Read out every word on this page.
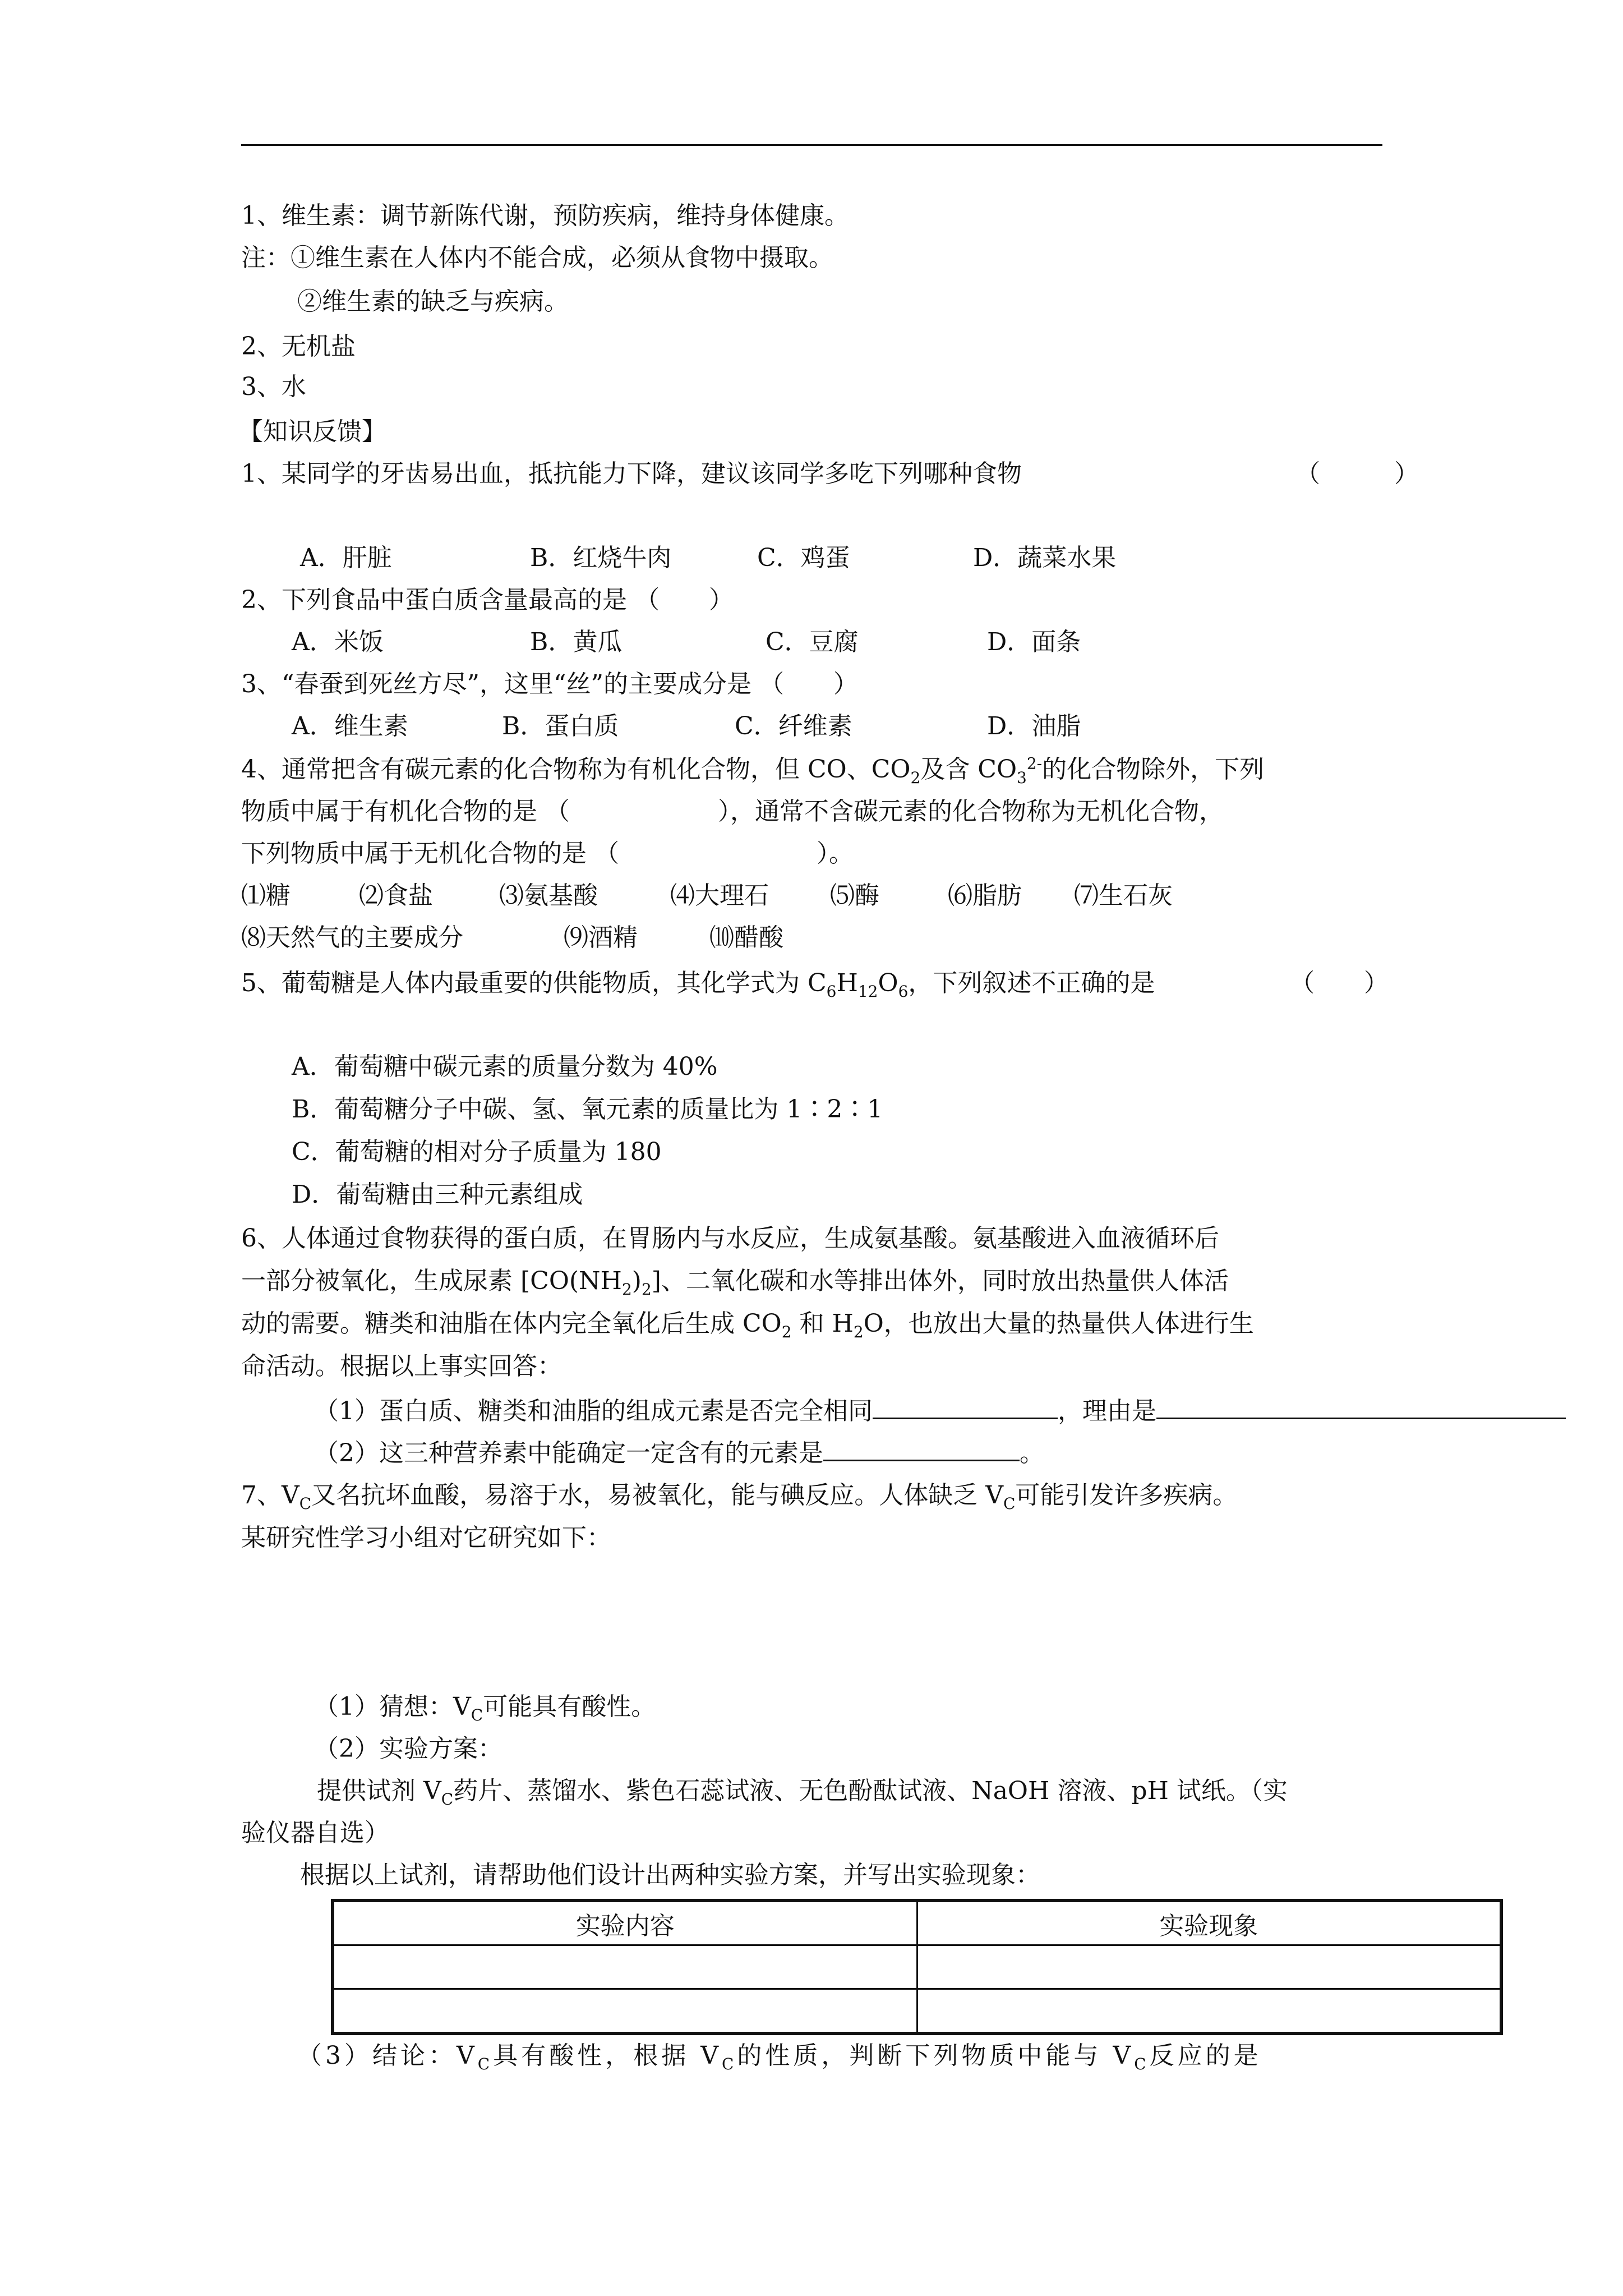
1、维生素：调节新陈代谢，预防疾病，维持身体健康。
注：①维生素在人体内不能合成，必须从食物中摄取。
②维生素的缺乏与疾病。
2、无机盐
3、水
【知识反馈】
1、某同学的牙齿易出血，抵抗能力下降，建议该同学多吃下列哪种食物	（　　　）
A．肝脏	B．红烧牛肉	C．鸡蛋	D．蔬菜水果
2、下列食品中蛋白质含量最高的是 （　　）
A．米饭	B．黄瓜	C．豆腐	D．面条
3、“春蚕到死丝方尽”，这里“丝”的主要成分是 （　　）
A．维生素	B．蛋白质	C．纤维素	D．油脂
4、通常把含有碳元素的化合物称为有机化合物，但 CO、$CO_2$及含 $CO_3^{2-}$的化合物除外，下列
物质中属于有机化合物的是 （　　　　　　），通常不含碳元素的化合物称为无机化合物，
下列物质中属于无机化合物的是 （　　　　　　　　）。
⑴糖	⑵食盐	⑶氨基酸	⑷大理石 ⑸酶	⑹脂肪 ⑺生石灰
⑻天然气的主要成分	⑼酒精	⑽醋酸
5、葡萄糖是人体内最重要的供能物质，其化学式为 $C_6H_{12}O_6$，下列叙述不正确的是	（　　）
A．葡萄糖中碳元素的质量分数为 40%
B．葡萄糖分子中碳、氢、氧元素的质量比为 1∶2∶1
C．葡萄糖的相对分子质量为 180
D．葡萄糖由三种元素组成
6、人体通过食物获得的蛋白质，在胃肠内与水反应，生成氨基酸。氨基酸进入血液循环后
一部分被氧化，生成尿素 $[CO(NH_2)_2]$、二氧化碳和水等排出体外，同时放出热量供人体活
动的需要。糖类和油脂在体内完全氧化后生成 $CO_2$ 和 $H_2O$，也放出大量的热量供人体进行生
命活动。根据以上事实回答：
（1）蛋白质、糖类和油脂的组成元素是否完全相同	，理由是
（2）这三种营养素中能确定一定含有的元素是	。
7、$V_C$又名抗坏血酸，易溶于水，易被氧化，能与碘反应。人体缺乏 $V_C$可能引发许多疾病。
某研究性学习小组对它研究如下：
（1）猜想：$V_C$可能具有酸性。
（2）实验方案：
提供试剂 $V_C$药片、蒸馏水、紫色石蕊试液、无色酚酞试液、NaOH 溶液、pH 试纸。（实
验仪器自选）
根据以上试剂，请帮助他们设计出两种实验方案，并写出实验现象：
实验内容	实验现象

（3）结论：$V_C$具有酸性，根据 $V_C$的性质，判断下列物质中能与 $V_C$反应的是
